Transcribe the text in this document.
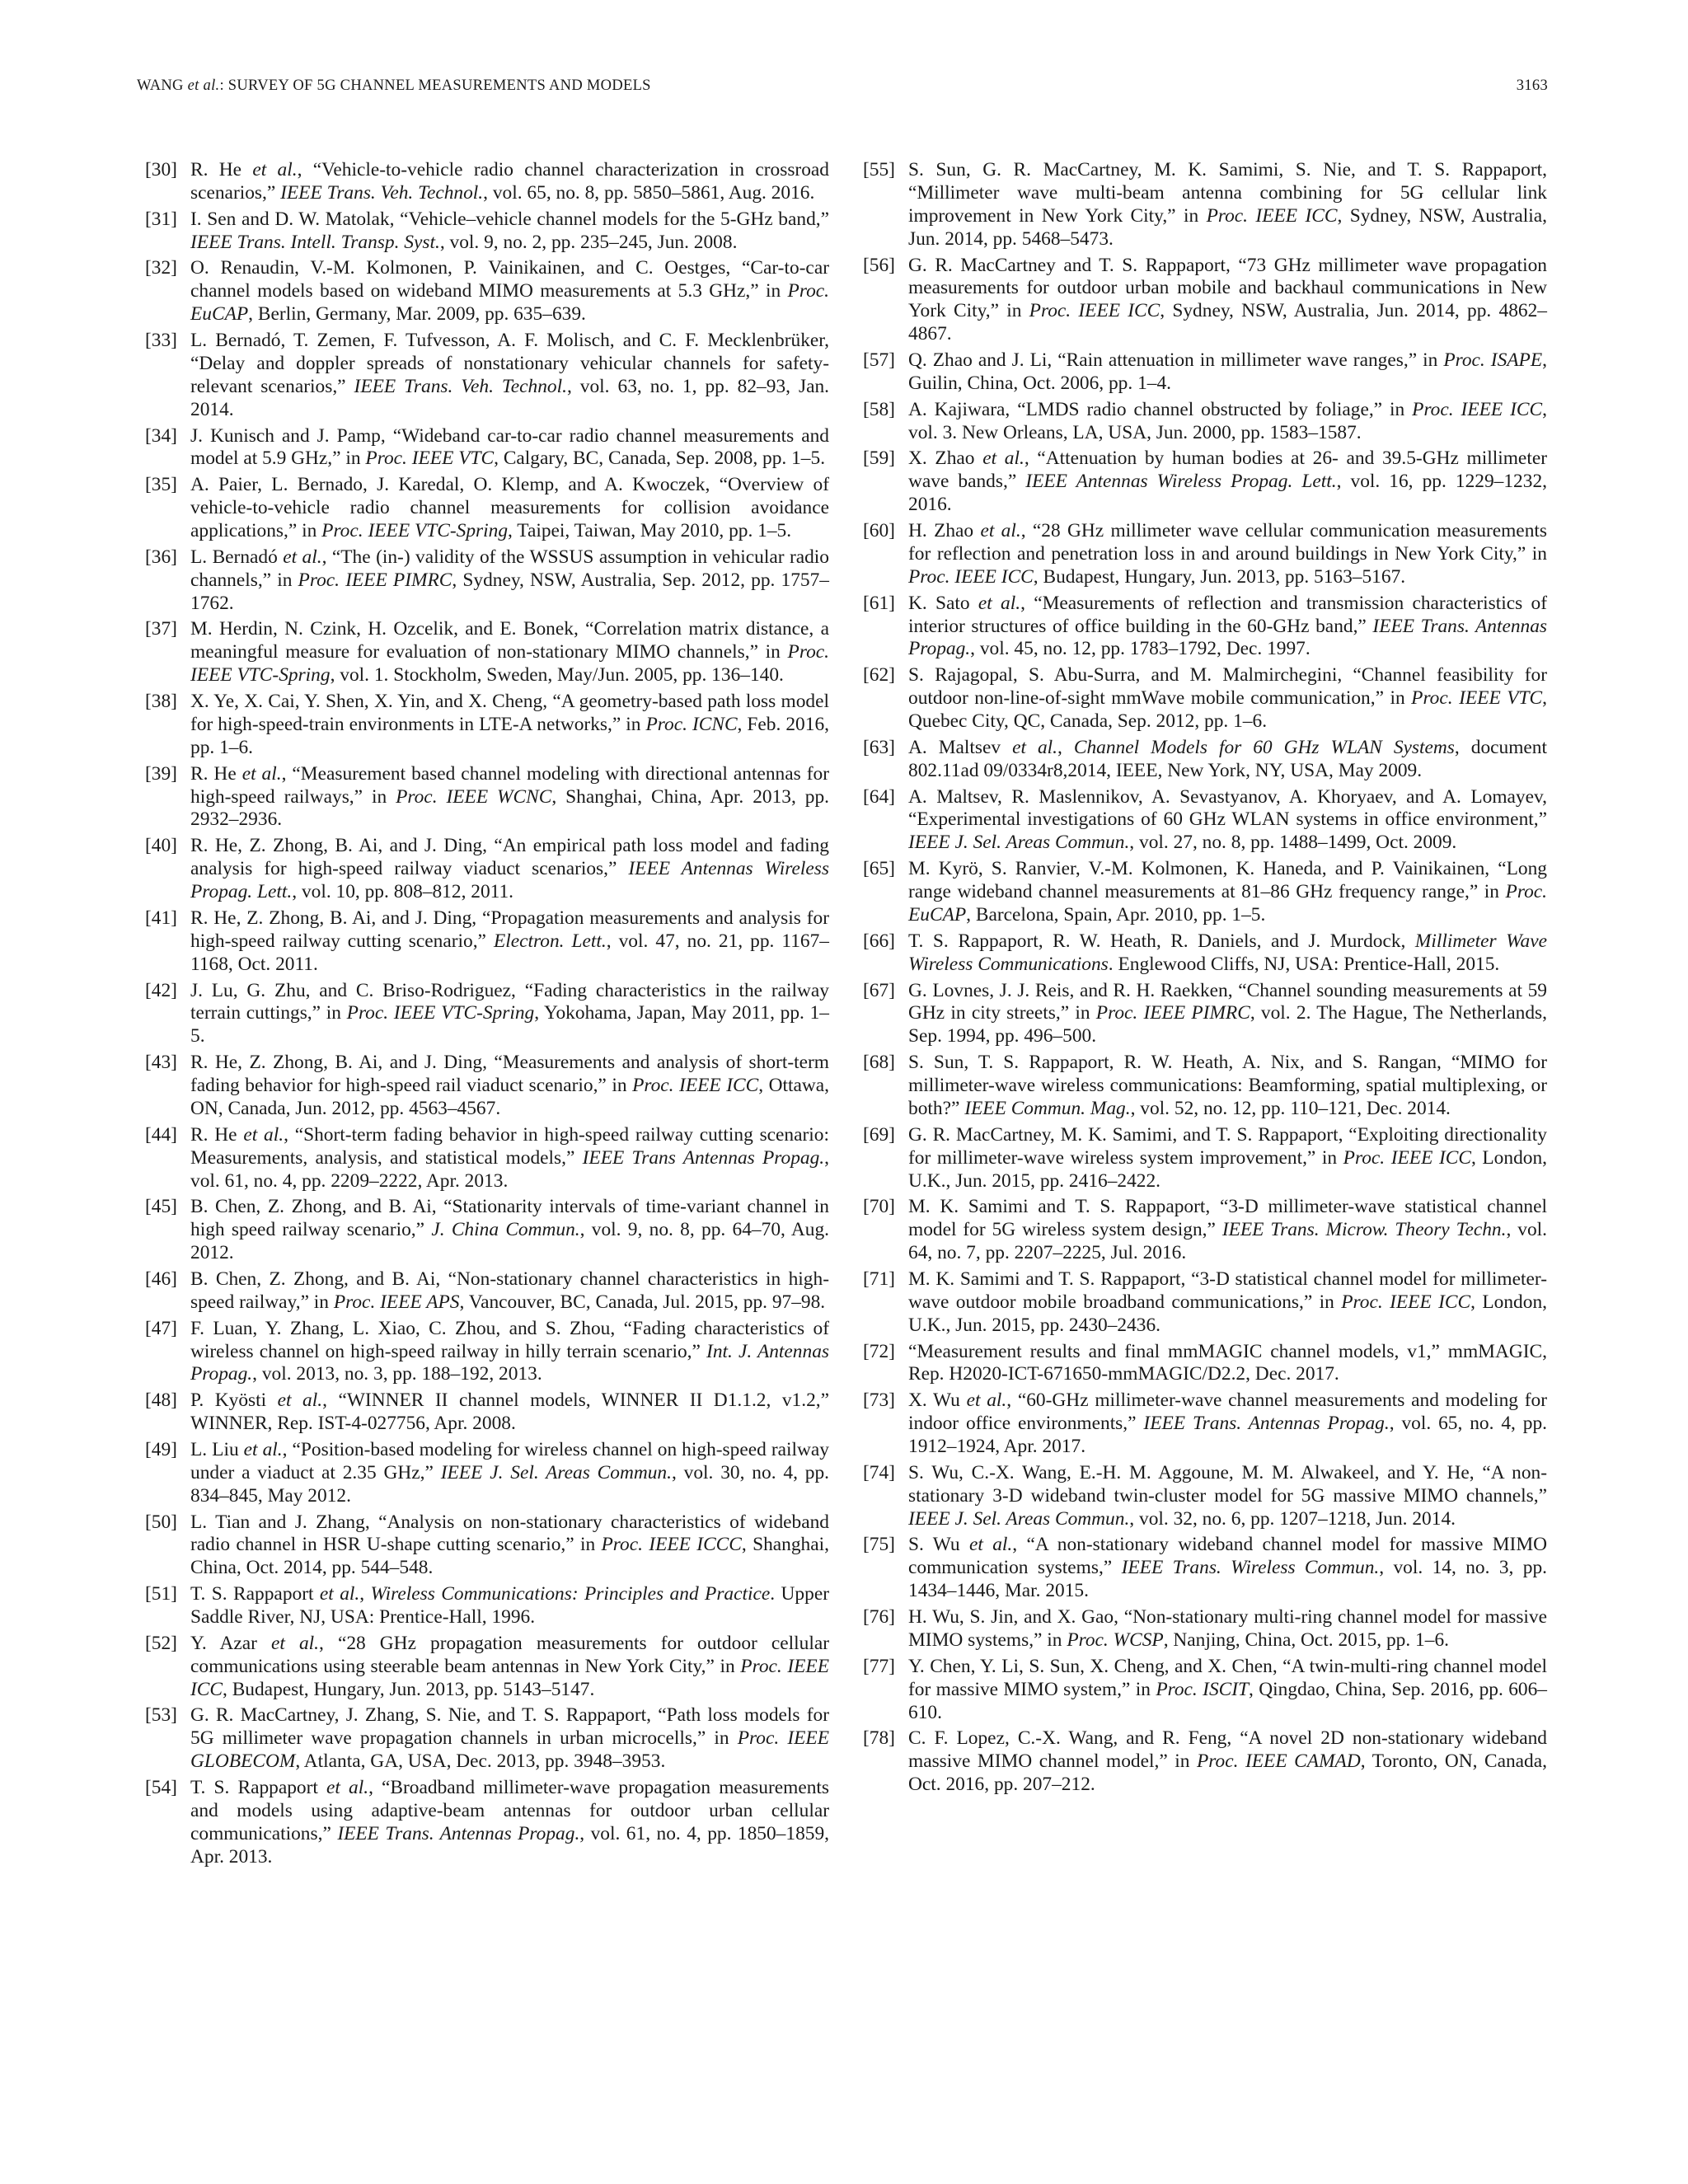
WANG et al.: SURVEY OF 5G CHANNEL MEASUREMENTS AND MODELS	3163
[30] R. He et al., “Vehicle-to-vehicle radio channel characterization in crossroad scenarios,” IEEE Trans. Veh. Technol., vol. 65, no. 8, pp. 5850–5861, Aug. 2016.
[31] I. Sen and D. W. Matolak, “Vehicle–vehicle channel models for the 5-GHz band,” IEEE Trans. Intell. Transp. Syst., vol. 9, no. 2, pp. 235–245, Jun. 2008.
[32] O. Renaudin, V.-M. Kolmonen, P. Vainikainen, and C. Oestges, “Car-to-car channel models based on wideband MIMO measurements at 5.3 GHz,” in Proc. EuCAP, Berlin, Germany, Mar. 2009, pp. 635–639.
[33] L. Bernadó, T. Zemen, F. Tufvesson, A. F. Molisch, and C. F. Mecklenbrüker, “Delay and doppler spreads of nonstationary vehicular channels for safety-relevant scenarios,” IEEE Trans. Veh. Technol., vol. 63, no. 1, pp. 82–93, Jan. 2014.
[34] J. Kunisch and J. Pamp, “Wideband car-to-car radio channel measurements and model at 5.9 GHz,” in Proc. IEEE VTC, Calgary, BC, Canada, Sep. 2008, pp. 1–5.
[35] A. Paier, L. Bernado, J. Karedal, O. Klemp, and A. Kwoczek, “Overview of vehicle-to-vehicle radio channel measurements for collision avoidance applications,” in Proc. IEEE VTC-Spring, Taipei, Taiwan, May 2010, pp. 1–5.
[36] L. Bernadó et al., “The (in-) validity of the WSSUS assumption in vehicular radio channels,” in Proc. IEEE PIMRC, Sydney, NSW, Australia, Sep. 2012, pp. 1757–1762.
[37] M. Herdin, N. Czink, H. Ozcelik, and E. Bonek, “Correlation matrix distance, a meaningful measure for evaluation of non-stationary MIMO channels,” in Proc. IEEE VTC-Spring, vol. 1. Stockholm, Sweden, May/Jun. 2005, pp. 136–140.
[38] X. Ye, X. Cai, Y. Shen, X. Yin, and X. Cheng, “A geometry-based path loss model for high-speed-train environments in LTE-A networks,” in Proc. ICNC, Feb. 2016, pp. 1–6.
[39] R. He et al., “Measurement based channel modeling with directional antennas for high-speed railways,” in Proc. IEEE WCNC, Shanghai, China, Apr. 2013, pp. 2932–2936.
[40] R. He, Z. Zhong, B. Ai, and J. Ding, “An empirical path loss model and fading analysis for high-speed railway viaduct scenarios,” IEEE Antennas Wireless Propag. Lett., vol. 10, pp. 808–812, 2011.
[41] R. He, Z. Zhong, B. Ai, and J. Ding, “Propagation measurements and analysis for high-speed railway cutting scenario,” Electron. Lett., vol. 47, no. 21, pp. 1167–1168, Oct. 2011.
[42] J. Lu, G. Zhu, and C. Briso-Rodriguez, “Fading characteristics in the railway terrain cuttings,” in Proc. IEEE VTC-Spring, Yokohama, Japan, May 2011, pp. 1–5.
[43] R. He, Z. Zhong, B. Ai, and J. Ding, “Measurements and analysis of short-term fading behavior for high-speed rail viaduct scenario,” in Proc. IEEE ICC, Ottawa, ON, Canada, Jun. 2012, pp. 4563–4567.
[44] R. He et al., “Short-term fading behavior in high-speed railway cutting scenario: Measurements, analysis, and statistical models,” IEEE Trans Antennas Propag., vol. 61, no. 4, pp. 2209–2222, Apr. 2013.
[45] B. Chen, Z. Zhong, and B. Ai, “Stationarity intervals of time-variant channel in high speed railway scenario,” J. China Commun., vol. 9, no. 8, pp. 64–70, Aug. 2012.
[46] B. Chen, Z. Zhong, and B. Ai, “Non-stationary channel characteristics in high-speed railway,” in Proc. IEEE APS, Vancouver, BC, Canada, Jul. 2015, pp. 97–98.
[47] F. Luan, Y. Zhang, L. Xiao, C. Zhou, and S. Zhou, “Fading characteristics of wireless channel on high-speed railway in hilly terrain scenario,” Int. J. Antennas Propag., vol. 2013, no. 3, pp. 188–192, 2013.
[48] P. Kyösti et al., “WINNER II channel models, WINNER II D1.1.2, v1.2,” WINNER, Rep. IST-4-027756, Apr. 2008.
[49] L. Liu et al., “Position-based modeling for wireless channel on high-speed railway under a viaduct at 2.35 GHz,” IEEE J. Sel. Areas Commun., vol. 30, no. 4, pp. 834–845, May 2012.
[50] L. Tian and J. Zhang, “Analysis on non-stationary characteristics of wideband radio channel in HSR U-shape cutting scenario,” in Proc. IEEE ICCC, Shanghai, China, Oct. 2014, pp. 544–548.
[51] T. S. Rappaport et al., Wireless Communications: Principles and Practice. Upper Saddle River, NJ, USA: Prentice-Hall, 1996.
[52] Y. Azar et al., “28 GHz propagation measurements for outdoor cellular communications using steerable beam antennas in New York City,” in Proc. IEEE ICC, Budapest, Hungary, Jun. 2013, pp. 5143–5147.
[53] G. R. MacCartney, J. Zhang, S. Nie, and T. S. Rappaport, “Path loss models for 5G millimeter wave propagation channels in urban microcells,” in Proc. IEEE GLOBECOM, Atlanta, GA, USA, Dec. 2013, pp. 3948–3953.
[54] T. S. Rappaport et al., “Broadband millimeter-wave propagation measurements and models using adaptive-beam antennas for outdoor urban cellular communications,” IEEE Trans. Antennas Propag., vol. 61, no. 4, pp. 1850–1859, Apr. 2013.
[55] S. Sun, G. R. MacCartney, M. K. Samimi, S. Nie, and T. S. Rappaport, “Millimeter wave multi-beam antenna combining for 5G cellular link improvement in New York City,” in Proc. IEEE ICC, Sydney, NSW, Australia, Jun. 2014, pp. 5468–5473.
[56] G. R. MacCartney and T. S. Rappaport, “73 GHz millimeter wave propagation measurements for outdoor urban mobile and backhaul communications in New York City,” in Proc. IEEE ICC, Sydney, NSW, Australia, Jun. 2014, pp. 4862–4867.
[57] Q. Zhao and J. Li, “Rain attenuation in millimeter wave ranges,” in Proc. ISAPE, Guilin, China, Oct. 2006, pp. 1–4.
[58] A. Kajiwara, “LMDS radio channel obstructed by foliage,” in Proc. IEEE ICC, vol. 3. New Orleans, LA, USA, Jun. 2000, pp. 1583–1587.
[59] X. Zhao et al., “Attenuation by human bodies at 26- and 39.5-GHz millimeter wave bands,” IEEE Antennas Wireless Propag. Lett., vol. 16, pp. 1229–1232, 2016.
[60] H. Zhao et al., “28 GHz millimeter wave cellular communication measurements for reflection and penetration loss in and around buildings in New York City,” in Proc. IEEE ICC, Budapest, Hungary, Jun. 2013, pp. 5163–5167.
[61] K. Sato et al., “Measurements of reflection and transmission characteristics of interior structures of office building in the 60-GHz band,” IEEE Trans. Antennas Propag., vol. 45, no. 12, pp. 1783–1792, Dec. 1997.
[62] S. Rajagopal, S. Abu-Surra, and M. Malmirchegini, “Channel feasibility for outdoor non-line-of-sight mmWave mobile communication,” in Proc. IEEE VTC, Quebec City, QC, Canada, Sep. 2012, pp. 1–6.
[63] A. Maltsev et al., Channel Models for 60 GHz WLAN Systems, document 802.11ad 09/0334r8,2014, IEEE, New York, NY, USA, May 2009.
[64] A. Maltsev, R. Maslennikov, A. Sevastyanov, A. Khoryaev, and A. Lomayev, “Experimental investigations of 60 GHz WLAN systems in office environment,” IEEE J. Sel. Areas Commun., vol. 27, no. 8, pp. 1488–1499, Oct. 2009.
[65] M. Kyrö, S. Ranvier, V.-M. Kolmonen, K. Haneda, and P. Vainikainen, “Long range wideband channel measurements at 81–86 GHz frequency range,” in Proc. EuCAP, Barcelona, Spain, Apr. 2010, pp. 1–5.
[66] T. S. Rappaport, R. W. Heath, R. Daniels, and J. Murdock, Millimeter Wave Wireless Communications. Englewood Cliffs, NJ, USA: Prentice-Hall, 2015.
[67] G. Lovnes, J. J. Reis, and R. H. Raekken, “Channel sounding measurements at 59 GHz in city streets,” in Proc. IEEE PIMRC, vol. 2. The Hague, The Netherlands, Sep. 1994, pp. 496–500.
[68] S. Sun, T. S. Rappaport, R. W. Heath, A. Nix, and S. Rangan, “MIMO for millimeter-wave wireless communications: Beamforming, spatial multiplexing, or both?” IEEE Commun. Mag., vol. 52, no. 12, pp. 110–121, Dec. 2014.
[69] G. R. MacCartney, M. K. Samimi, and T. S. Rappaport, “Exploiting directionality for millimeter-wave wireless system improvement,” in Proc. IEEE ICC, London, U.K., Jun. 2015, pp. 2416–2422.
[70] M. K. Samimi and T. S. Rappaport, “3-D millimeter-wave statistical channel model for 5G wireless system design,” IEEE Trans. Microw. Theory Techn., vol. 64, no. 7, pp. 2207–2225, Jul. 2016.
[71] M. K. Samimi and T. S. Rappaport, “3-D statistical channel model for millimeter-wave outdoor mobile broadband communications,” in Proc. IEEE ICC, London, U.K., Jun. 2015, pp. 2430–2436.
[72] “Measurement results and final mmMAGIC channel models, v1,” mmMAGIC, Rep. H2020-ICT-671650-mmMAGIC/D2.2, Dec. 2017.
[73] X. Wu et al., “60-GHz millimeter-wave channel measurements and modeling for indoor office environments,” IEEE Trans. Antennas Propag., vol. 65, no. 4, pp. 1912–1924, Apr. 2017.
[74] S. Wu, C.-X. Wang, E.-H. M. Aggoune, M. M. Alwakeel, and Y. He, “A non-stationary 3-D wideband twin-cluster model for 5G massive MIMO channels,” IEEE J. Sel. Areas Commun., vol. 32, no. 6, pp. 1207–1218, Jun. 2014.
[75] S. Wu et al., “A non-stationary wideband channel model for massive MIMO communication systems,” IEEE Trans. Wireless Commun., vol. 14, no. 3, pp. 1434–1446, Mar. 2015.
[76] H. Wu, S. Jin, and X. Gao, “Non-stationary multi-ring channel model for massive MIMO systems,” in Proc. WCSP, Nanjing, China, Oct. 2015, pp. 1–6.
[77] Y. Chen, Y. Li, S. Sun, X. Cheng, and X. Chen, “A twin-multi-ring channel model for massive MIMO system,” in Proc. ISCIT, Qingdao, China, Sep. 2016, pp. 606–610.
[78] C. F. Lopez, C.-X. Wang, and R. Feng, “A novel 2D non-stationary wideband massive MIMO channel model,” in Proc. IEEE CAMAD, Toronto, ON, Canada, Oct. 2016, pp. 207–212.
